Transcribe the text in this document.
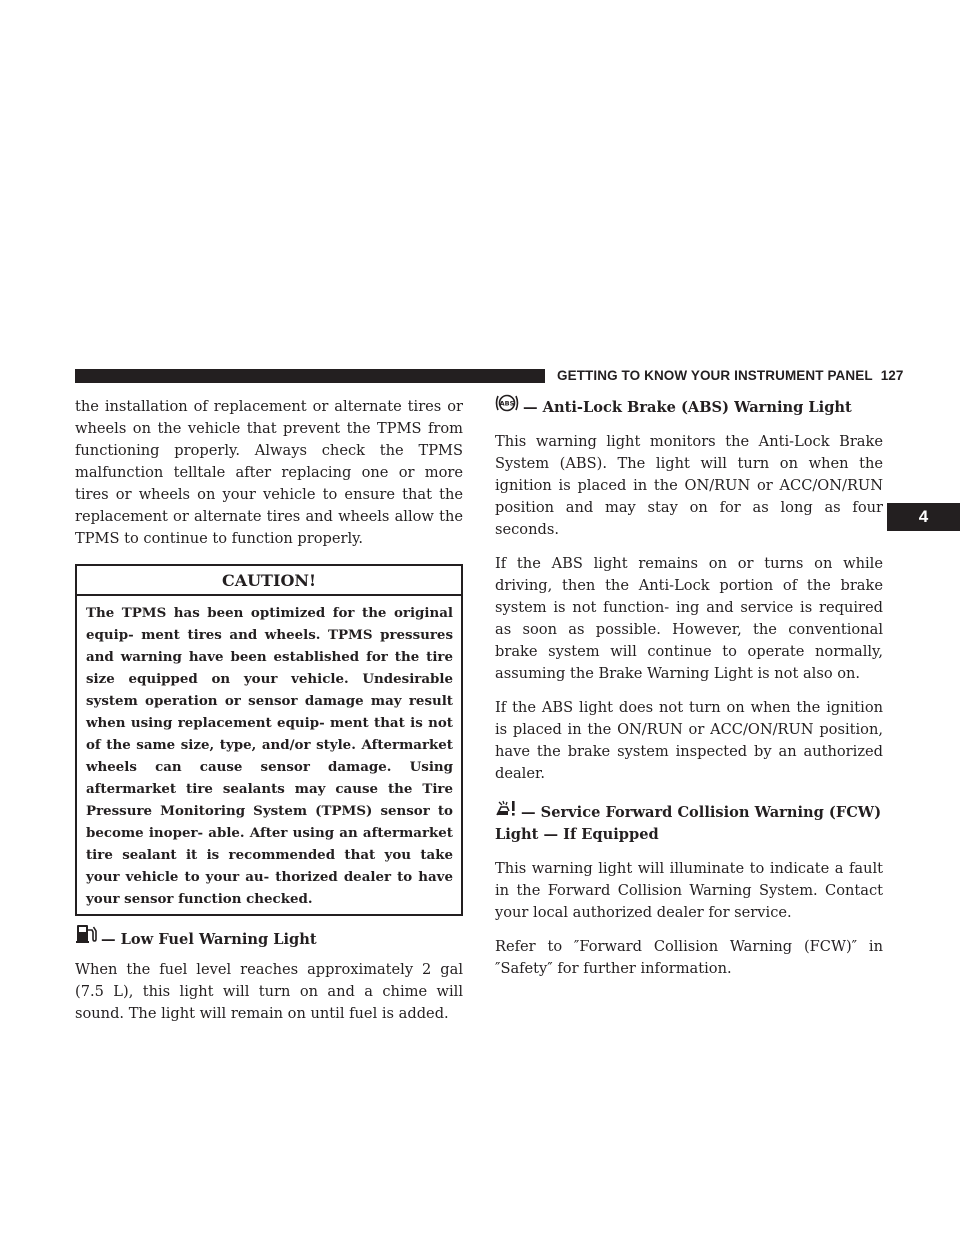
GETTING TO KNOW YOUR INSTRUMENT PANEL 127
4

the installation of replacement or alternate tires or wheels on the vehicle that prevent the TPMS from functioning properly. Always check the TPMS malfunction telltale after replacing one or more tires or wheels on your vehicle to ensure that the replacement or alternate tires and wheels allow the TPMS to continue to function properly.

CAUTION!
The TPMS has been optimized for the original equip- ment tires and wheels. TPMS pressures and warning have been established for the tire size equipped on your vehicle. Undesirable system operation or sensor damage may result when using replacement equip- ment that is not of the same size, type, and/or style. Aftermarket wheels can cause sensor damage. Using aftermarket tire sealants may cause the Tire Pressure Monitoring System (TPMS) sensor to become inoper- able. After using an aftermarket tire sealant it is recommended that you take your vehicle to your au- thorized dealer to have your sensor function checked.
— Low Fuel Warning Light

When the fuel level reaches approximately 2 gal (7.5 L), this light will turn on and a chime will sound. The light will remain on until fuel is added.

ABS — Anti-Lock Brake (ABS) Warning Light

This warning light monitors the Anti-Lock Brake System (ABS). The light will turn on when the ignition is placed in the ON/RUN or ACC/ON/RUN position and may stay on for as long as four seconds.

If the ABS light remains on or turns on while driving, then the Anti-Lock portion of the brake system is not function- ing and service is required as soon as possible. However, the conventional brake system will continue to operate normally, assuming the Brake Warning Light is not also on.

If the ABS light does not turn on when the ignition is placed in the ON/RUN or ACC/ON/RUN position, have the brake system inspected by an authorized dealer.

— Service Forward Collision Warning (FCW)
Light — If Equipped

This warning light will illuminate to indicate a fault in the Forward Collision Warning System. Contact your local authorized dealer for service.

Refer to ″Forward Collision Warning (FCW)″ in ″Safety″ for further information.
